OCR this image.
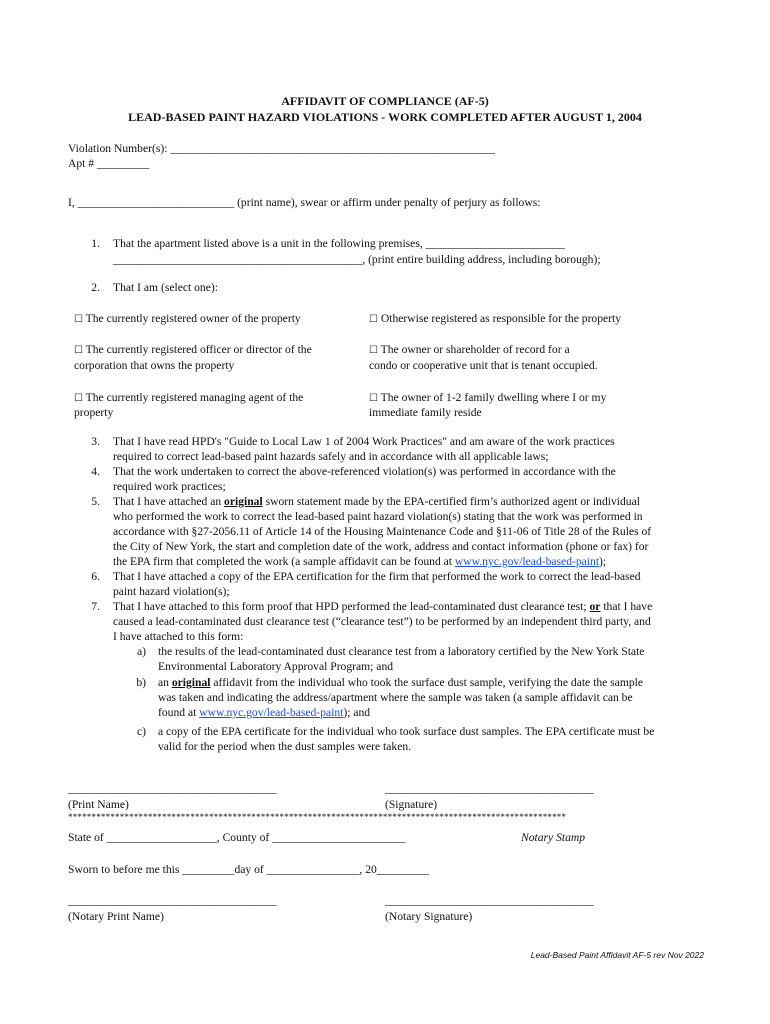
AFFIDAVIT OF COMPLIANCE (AF-5)
LEAD-BASED PAINT HAZARD VIOLATIONS - WORK COMPLETED AFTER AUGUST 1, 2004
Violation Number(s): ________________________________________________________
Apt # _________
I, ___________________________ (print name), swear or affirm under penalty of perjury as follows:
1. That the apartment listed above is a unit in the following premises, ________________________
___________________________________________, (print entire building address, including borough);
2. That I am (select one):
☐ The currently registered owner of the property	☐ Otherwise registered as responsible for the property
☐ The currently registered officer or director of the
corporation that owns the property
☐ The owner or shareholder of record for a
condo or cooperative unit that is tenant occupied.
☐ The currently registered managing agent of the
property
☐ The owner of 1-2 family dwelling where I or my
immediate family reside
3. That I have read HPD's "Guide to Local Law 1 of 2004 Work Practices" and am aware of the work practices
required to correct lead-based paint hazards safely and in accordance with all applicable laws;
4. That the work undertaken to correct the above-referenced violation(s) was performed in accordance with the
required work practices;
5. That I have attached an original sworn statement made by the EPA-certified firm’s authorized agent or individual
who performed the work to correct the lead-based paint hazard violation(s) stating that the work was performed in
accordance with §27-2056.11 of Article 14 of the Housing Maintenance Code and §11-06 of Title 28 of the Rules of
the City of New York, the start and completion date of the work, address and contact information (phone or fax) for
the EPA firm that completed the work (a sample affidavit can be found at www.nyc.gov/lead-based-paint);
6. That I have attached a copy of the EPA certification for the firm that performed the work to correct the lead-based
paint hazard violation(s);
7. That I have attached to this form proof that HPD performed the lead-contaminated dust clearance test; or that I have
caused a lead-contaminated dust clearance test (“clearance test”) to be performed by an independent third party, and
I have attached to this form:
a) the results of the lead-contaminated dust clearance test from a laboratory certified by the New York State
Environmental Laboratory Approval Program; and
b) an original affidavit from the individual who took the surface dust sample, verifying the date the sample
was taken and indicating the address/apartment where the sample was taken (a sample affidavit can be
found at www.nyc.gov/lead-based-paint); and
c) a copy of the EPA certificate for the individual who took surface dust samples. The EPA certificate must be
valid for the period when the dust samples were taken.
____________________________________	____________________________________
(Print Name)	(Signature)
**********************************************************************************************************
State of ___________________, County of _______________________	Notary Stamp
Sworn to before me this _________day of ________________, 20_________
____________________________________	____________________________________
(Notary Print Name)	(Notary Signature)
Lead-Based Paint Affidavit AF-5 rev Nov 2022
